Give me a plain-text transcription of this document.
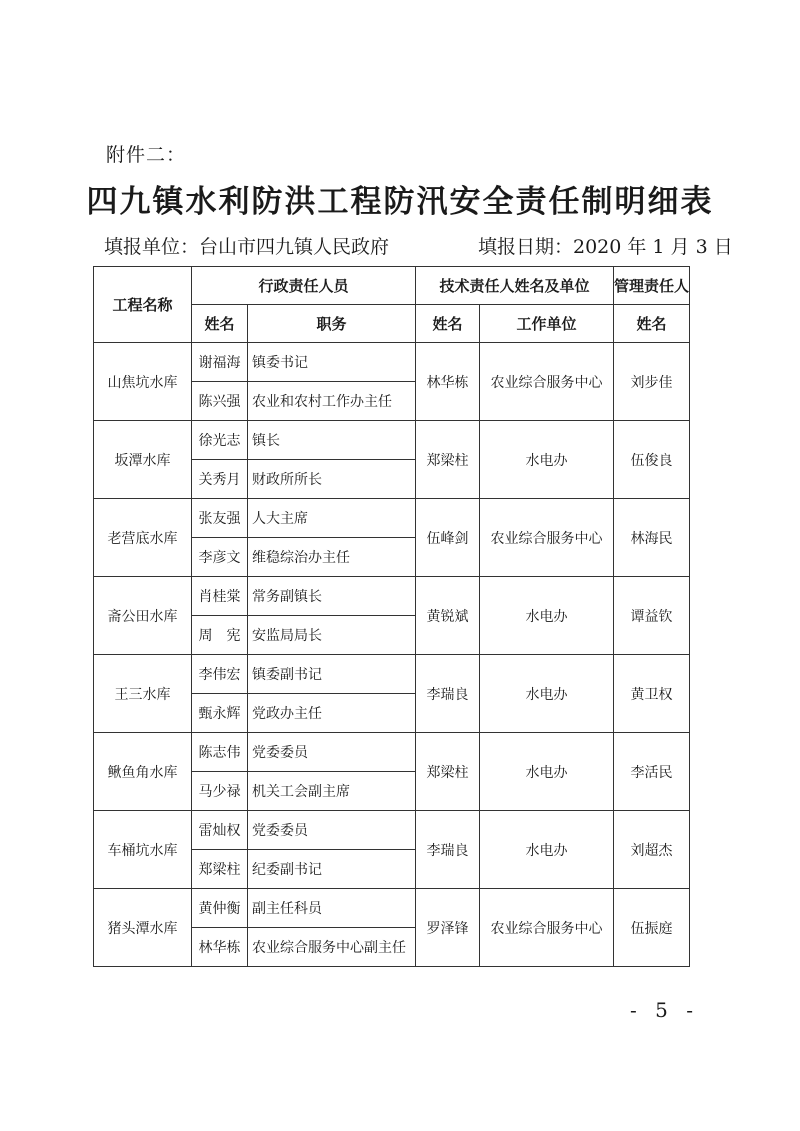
附件二：
四九镇水利防洪工程防汛安全责任制明细表
填报单位：台山市四九镇人民政府	填报日期：2020 年 1 月 3 日
工程名称	行政责任人员		技术责任人姓名及单位		管理责任人
	姓名	职务	姓名	工作单位	姓名
山焦坑水库	谢福海	镇委书记	林华栋	农业综合服务中心	刘步佳
	陈兴强	农业和农村工作办主任			
坂潭水库	徐光志	镇长	郑梁柱	水电办	伍俊良
	关秀月	财政所所长			
老营底水库	张友强	人大主席	伍峰剑	农业综合服务中心	林海民
	李彦文	维稳综治办主任			
斋公田水库	肖桂棠	常务副镇长	黄锐斌	水电办	谭益钦
	周　宪	安监局局长			
王三水库	李伟宏	镇委副书记	李瑞良	水电办	黄卫权
	甄永辉	党政办主任			
鳅鱼角水库	陈志伟	党委委员	郑梁柱	水电办	李活民
	马少禄	机关工会副主席			
车桶坑水库	雷灿权	党委委员	李瑞良	水电办	刘超杰
	郑梁柱	纪委副书记			
猪头潭水库	黄仲衡	副主任科员	罗泽锋	农业综合服务中心	伍振庭
	林华栋	农业综合服务中心副主任			
- 5 -
